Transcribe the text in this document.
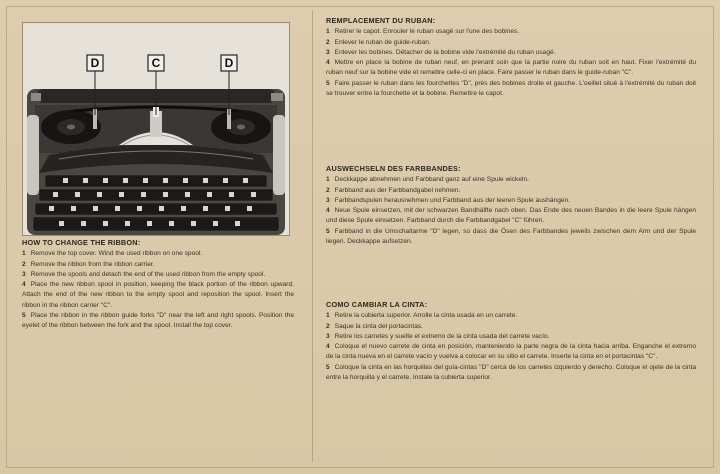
D	C	D
HOW TO CHANGE THE RIBBON:
1 Remove the top cover. Wind the used ribbon on one spool.
2 Remove the ribbon from the ribbon carrier.
3 Remove the spools and detach the end of the used ribbon from the empty spool.
4 Place the new ribbon spool in position, keeping the black portion of the ribbon upward. Attach the end of the new ribbon to the empty spool and reposition the spool. Insert the ribbon in the ribbon carrier "C".
5 Place the ribbon in the ribbon guide forks "D" near the left and right spools. Position the eyelet of the ribbon between the fork and the spool. Install the top cover.
REMPLACEMENT DU RUBAN:
1 Retirer le capot. Enrouler le ruban usagé sur l'une des bobines.
2 Enlever le ruban de guide-ruban.
3 Enlever les bobines. Détacher de la bobine vide l'extrémité du ruban usagé.
4 Mettre en place la bobine de ruban neuf, en prenant soin que la partie noire du ruban soit en haut. Fixer l'extrémité du ruban neuf sur la bobine vide et remettre celle-ci en place. Faire passer le ruban dans le guide-ruban "C".
5 Faire passer le ruban dans les fourchettes "D", près des bobines droite et gauche. L'oeillet situé à l'extrémité du ruban doit se trouver entre la fourchette et la bobine. Remettre le capot.
AUSWECHSELN DES FARBBANDES:
1 Deckkappe abnehmen und Farbband ganz auf eine Spule wickeln.
2 Farbband aus der Farbbandgabel nehmen.
3 Farbbandspulen herausnehmen und Farbband aus der leeren Spule aushängen.
4 Neue Spule einsetzen, mit der schwarzen Bandhälfte nach oben. Das Ende des neuen Bandes in die leere Spule hängen und diese Spule einsetzen. Farbband durch die Farbbandgabel "C" führen.
5 Farbband in die Umschaltarme "D" legen, so dass die Ösen des Farbbandes jeweils zwischen dem Arm und der Spule liegen. Deckkappe aufsetzen.
COMO CAMBIAR LA CINTA:
1 Retire la cubierta superior. Arrolle la cinta usada en un carrete.
2 Saque la cinta del portacintas.
3 Retire los carretes y suelte el extremo de la cinta usada del carrete vacío.
4 Coloque el nuevo carrete de cinta en posición, manteniendo la parte negra de la cinta hacia arriba. Enganche el extremo de la cinta nueva en el carrete vacío y vuelva a colocar en su sitio el carrete. Inserte la cinta en el portacintas "C".
5 Coloque la cinta en las horquillas del guía-cintas "D" cerca de los carretes izquierdo y derecho. Coloque el ojete de la cinta entre la horquilla y el carrete. Instale la cubierta superior.
